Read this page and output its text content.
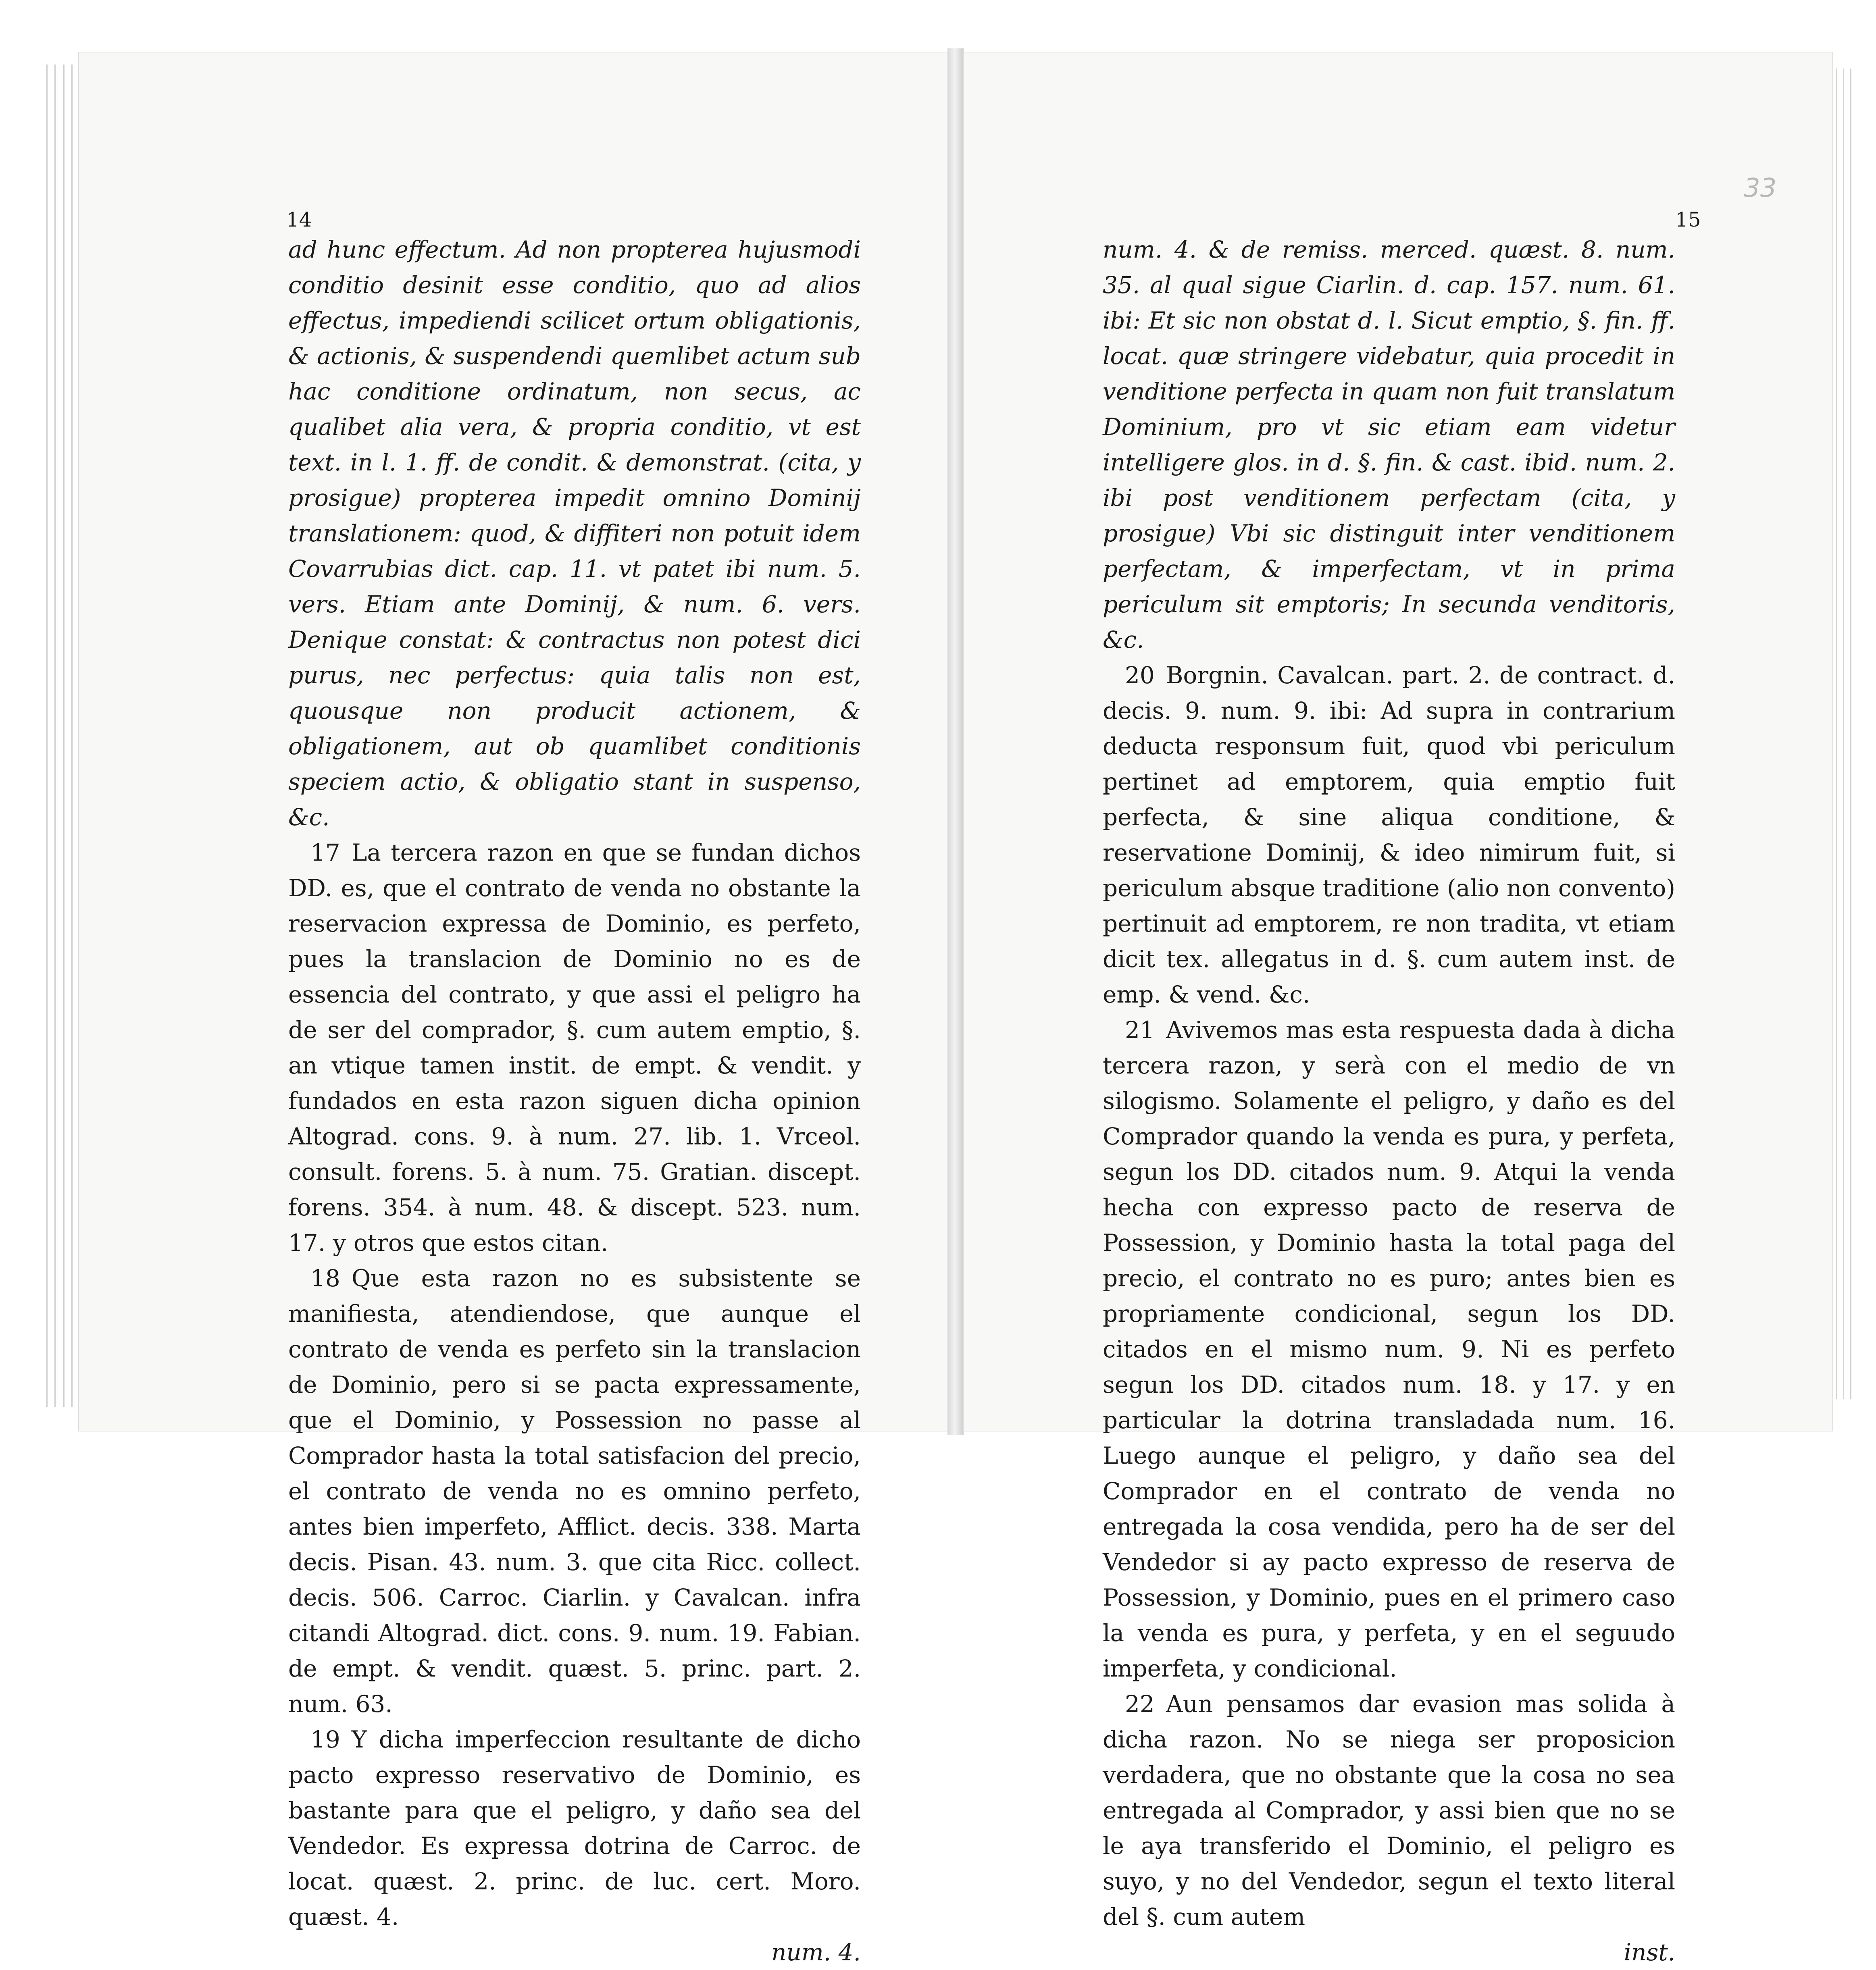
14

ad hunc effectum. Ad non propterea hujusmodi conditio desinit esse conditio, quo ad alios effectus, impediendi scilicet ortum obligationis, & actionis, & suspendendi quemlibet actum sub hac conditione ordinatum, non secus, ac qualibet alia vera, & propria conditio, vt est text. in l. 1. ff. de condit. & demonstrat. (cita, y prosigue) propterea impedit omnino Dominij translationem: quod, & diffiteri non potuit idem Covarrubias dict. cap. 11. vt patet ibi num. 5. vers. Etiam ante Dominij, & num. 6. vers. Denique constat: & contractus non potest dici purus, nec perfectus: quia talis non est, quousque non producit actionem, & obligationem, aut ob quamlibet conditionis speciem actio, & obligatio stant in suspenso, &c.

17 La tercera razon en que se fundan dichos DD. es, que el contrato de venda no obstante la reservacion expressa de Dominio, es perfeto, pues la translacion de Dominio no es de essencia del contrato, y que assi el peligro ha de ser del comprador, §. cum autem emptio, §. an vtique tamen instit. de empt. & vendit. y fundados en esta razon siguen dicha opinion Altograd. cons. 9. à num. 27. lib. 1. Vrceol. consult. forens. 5. à num. 75. Gratian. discept. forens. 354. à num. 48. & discept. 523. num. 17. y otros que estos citan.

18 Que esta razon no es subsistente se manifiesta, atendiendose, que aunque el contrato de venda es perfeto sin la translacion de Dominio, pero si se pacta expressamente, que el Dominio, y Possession no passe al Comprador hasta la total satisfacion del precio, el contrato de venda no es omnino perfeto, antes bien imperfeto, Afflict. decis. 338. Marta decis. Pisan. 43. num. 3. que cita Ricc. collect. decis. 506. Carroc. Ciarlin. y Cavalcan. infra citandi Altograd. dict. cons. 9. num. 19. Fabian. de empt. & vendit. quæst. 5. princ. part. 2. num. 63.

19 Y dicha imperfeccion resultante de dicho pacto expresso reservativo de Dominio, es bastante para que el peligro, y daño sea del Vendedor. Es expressa dotrina de Carroc. de locat. quæst. 2. princ. de luc. cert. Moro. quæst. 4.

num. 4.

33
15

num. 4. & de remiss. merced. quæst. 8. num. 35. al qual sigue Ciarlin. d. cap. 157. num. 61. ibi: Et sic non obstat d. l. Sicut emptio, §. fin. ff. locat. quæ stringere videbatur, quia procedit in venditione perfecta in quam non fuit translatum Dominium, pro vt sic etiam eam videtur intelligere glos. in d. §. fin. & cast. ibid. num. 2. ibi post venditionem perfectam (cita, y prosigue) Vbi sic distinguit inter venditionem perfectam, & imperfectam, vt in prima periculum sit emptoris; In secunda venditoris, &c.

20 Borgnin. Cavalcan. part. 2. de contract. d. decis. 9. num. 9. ibi: Ad supra in contrarium deducta responsum fuit, quod vbi periculum pertinet ad emptorem, quia emptio fuit perfecta, & sine aliqua conditione, & reservatione Dominij, & ideo nimirum fuit, si periculum absque traditione (alio non convento) pertinuit ad emptorem, re non tradita, vt etiam dicit tex. allegatus in d. §. cum autem inst. de emp. & vend. &c.

21 Avivemos mas esta respuesta dada à dicha tercera razon, y serà con el medio de vn silogismo. Solamente el peligro, y daño es del Comprador quando la venda es pura, y perfeta, segun los DD. citados num. 9. Atqui la venda hecha con expresso pacto de reserva de Possession, y Dominio hasta la total paga del precio, el contrato no es puro; antes bien es propriamente condicional, segun los DD. citados en el mismo num. 9. Ni es perfeto segun los DD. citados num. 18. y 17. y en particular la dotrina transladada num. 16. Luego aunque el peligro, y daño sea del Comprador en el contrato de venda no entregada la cosa vendida, pero ha de ser del Vendedor si ay pacto expresso de reserva de Possession, y Dominio, pues en el primero caso la venda es pura, y perfeta, y en el seguudo imperfeta, y condicional.

22 Aun pensamos dar evasion mas solida à dicha razon. No se niega ser proposicion verdadera, que no obstante que la cosa no sea entregada al Comprador, y assi bien que no se le aya transferido el Dominio, el peligro es suyo, y no del Vendedor, segun el texto literal del §. cum autem

inst.
